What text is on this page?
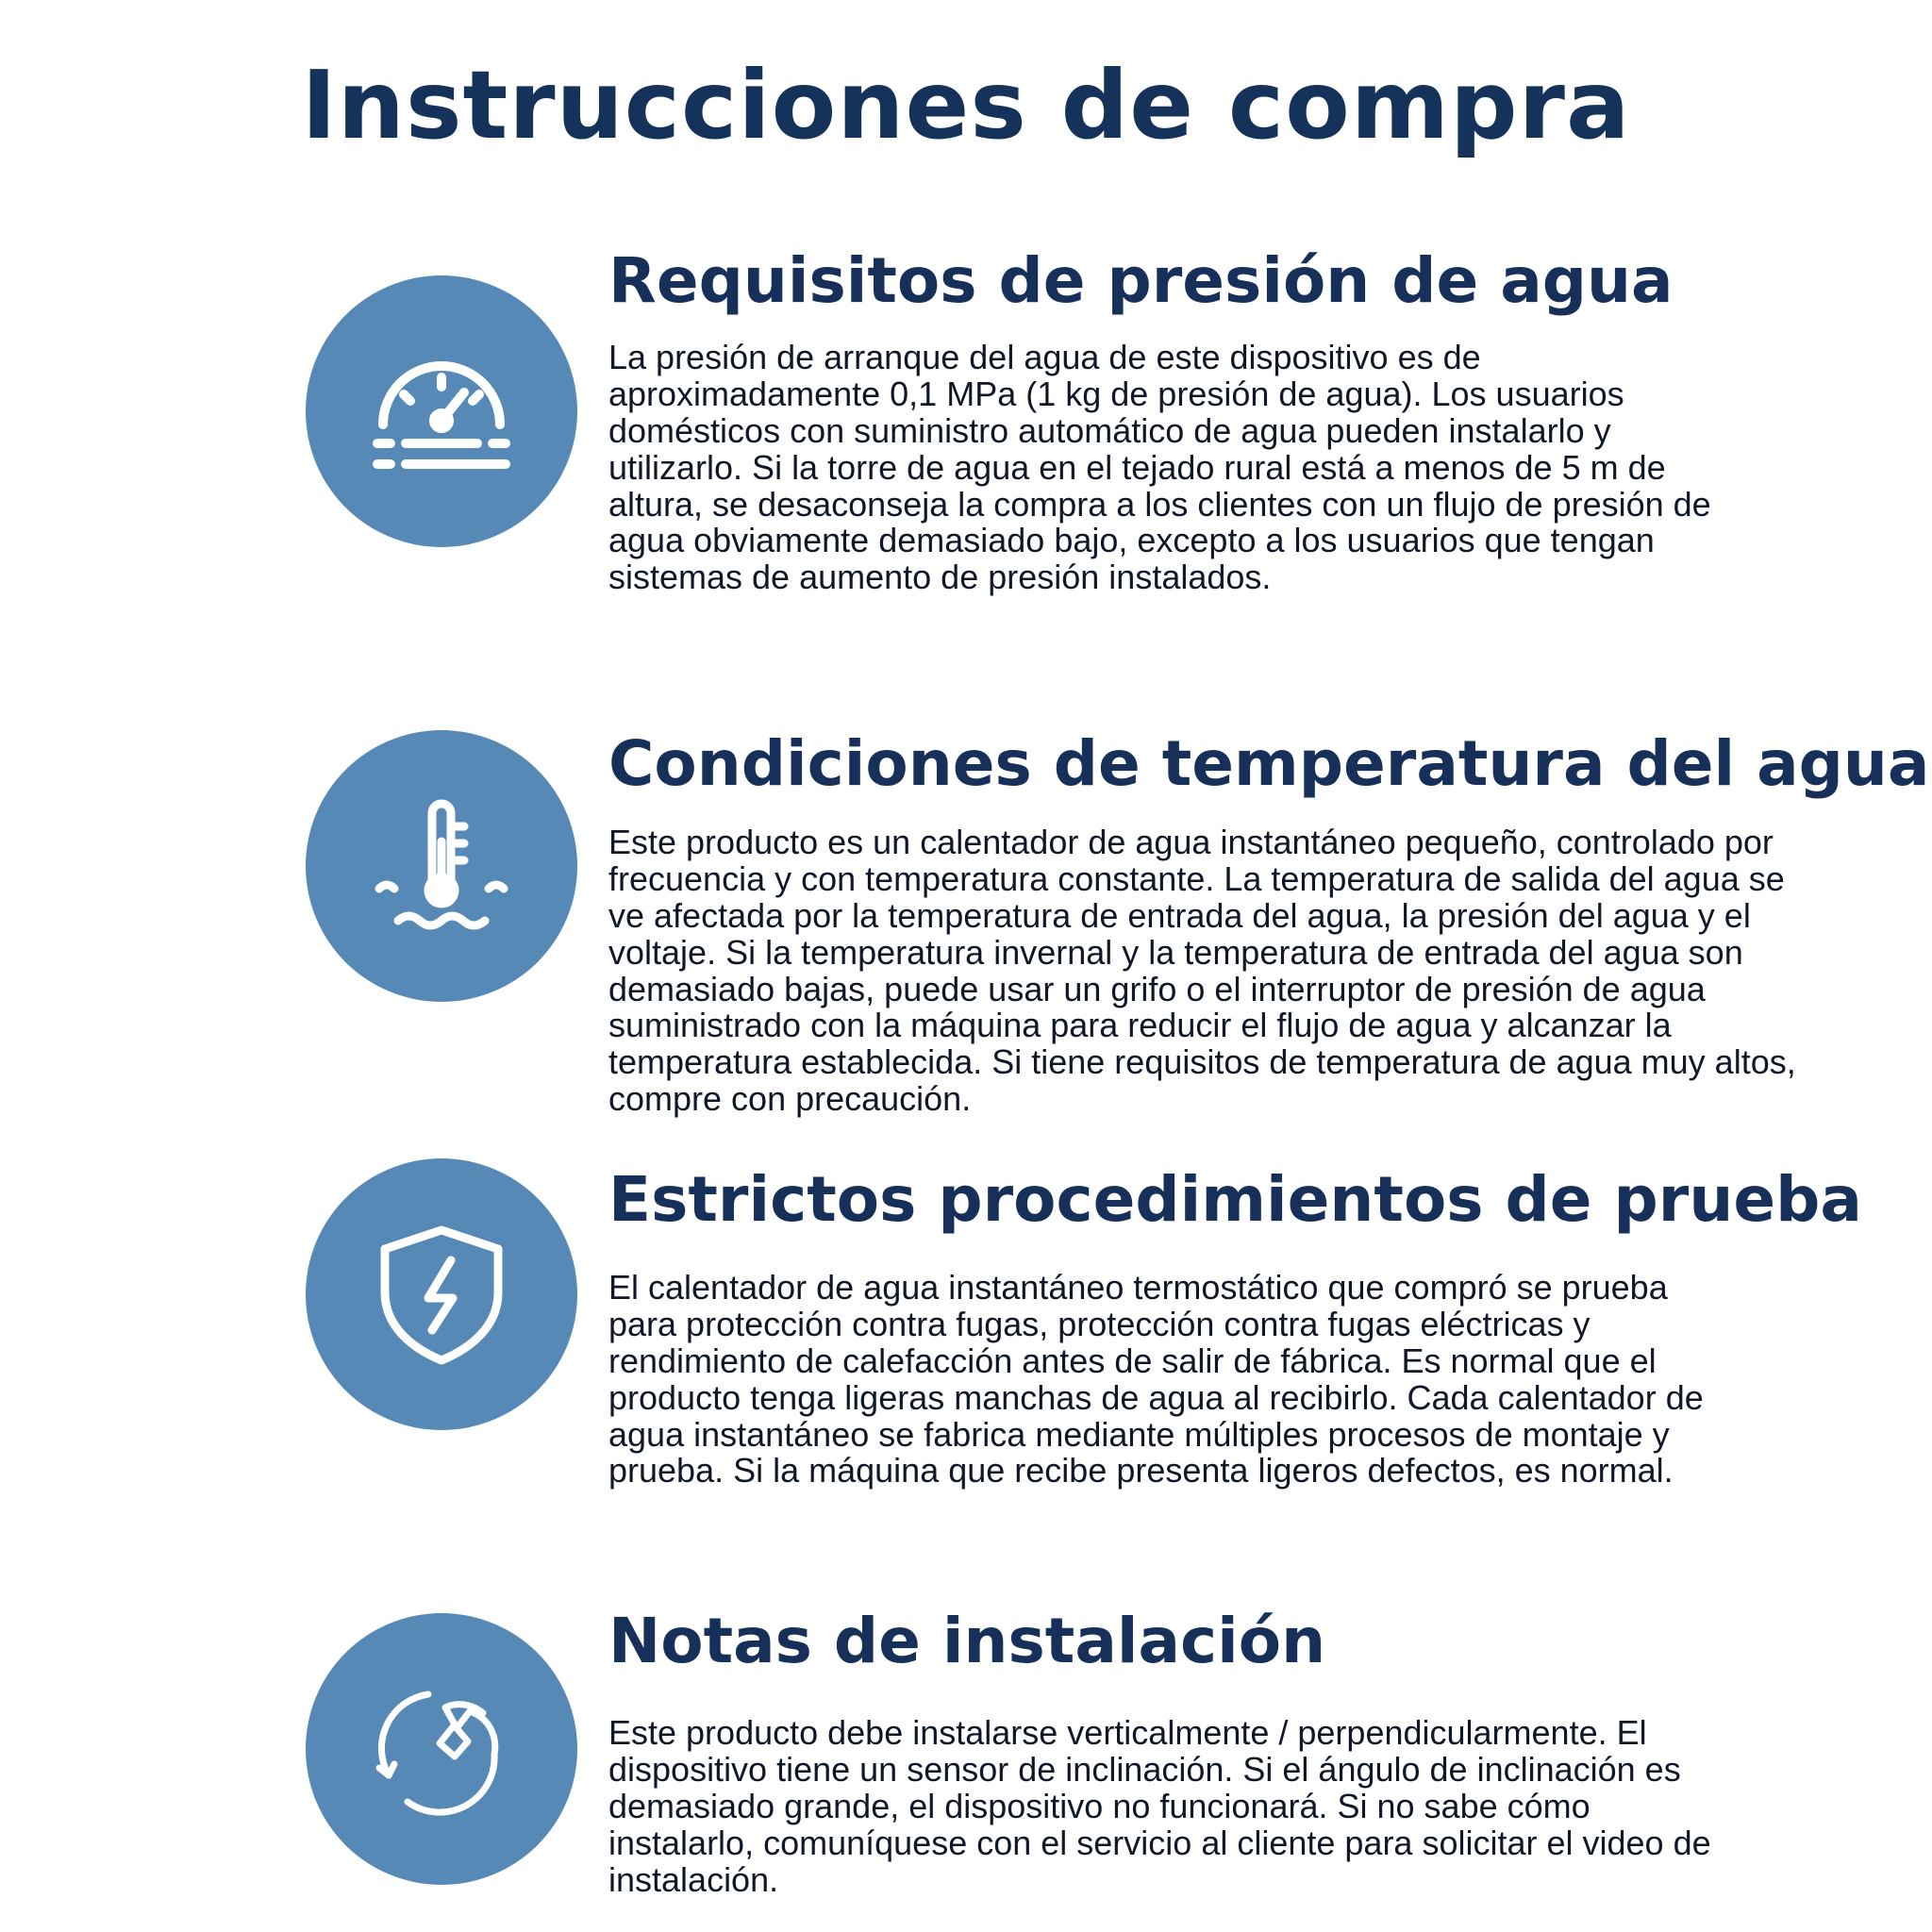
Instrucciones de compra
Requisitos de presión de agua

La presión de arranque del agua de este dispositivo es de aproximadamente 0,1 MPa (1 kg de presión de agua). Los usuarios domésticos con suministro automático de agua pueden instalarlo y utilizarlo. Si la torre de agua en el tejado rural está a menos de 5 m de altura, se desaconseja la compra a los clientes con un flujo de presión de agua obviamente demasiado bajo, excepto a los usuarios que tengan sistemas de aumento de presión instalados.

Condiciones de temperatura del agua

Este producto es un calentador de agua instantáneo pequeño, controlado por frecuencia y con temperatura constante. La temperatura de salida del agua se ve afectada por la temperatura de entrada del agua, la presión del agua y el voltaje. Si la temperatura invernal y la temperatura de entrada del agua son demasiado bajas, puede usar un grifo o el interruptor de presión de agua suministrado con la máquina para reducir el flujo de agua y alcanzar la temperatura establecida. Si tiene requisitos de temperatura de agua muy altos, compre con precaución.

Estrictos procedimientos de prueba

El calentador de agua instantáneo termostático que compró se prueba para protección contra fugas, protección contra fugas eléctricas y rendimiento de calefacción antes de salir de fábrica. Es normal que el producto tenga ligeras manchas de agua al recibirlo. Cada calentador de agua instantáneo se fabrica mediante múltiples procesos de montaje y prueba. Si la máquina que recibe presenta ligeros defectos, es normal.

Notas de instalación

Este producto debe instalarse verticalmente / perpendicularmente. El dispositivo tiene un sensor de inclinación. Si el ángulo de inclinación es demasiado grande, el dispositivo no funcionará. Si no sabe cómo instalarlo, comuníquese con el servicio al cliente para solicitar el video de instalación.
